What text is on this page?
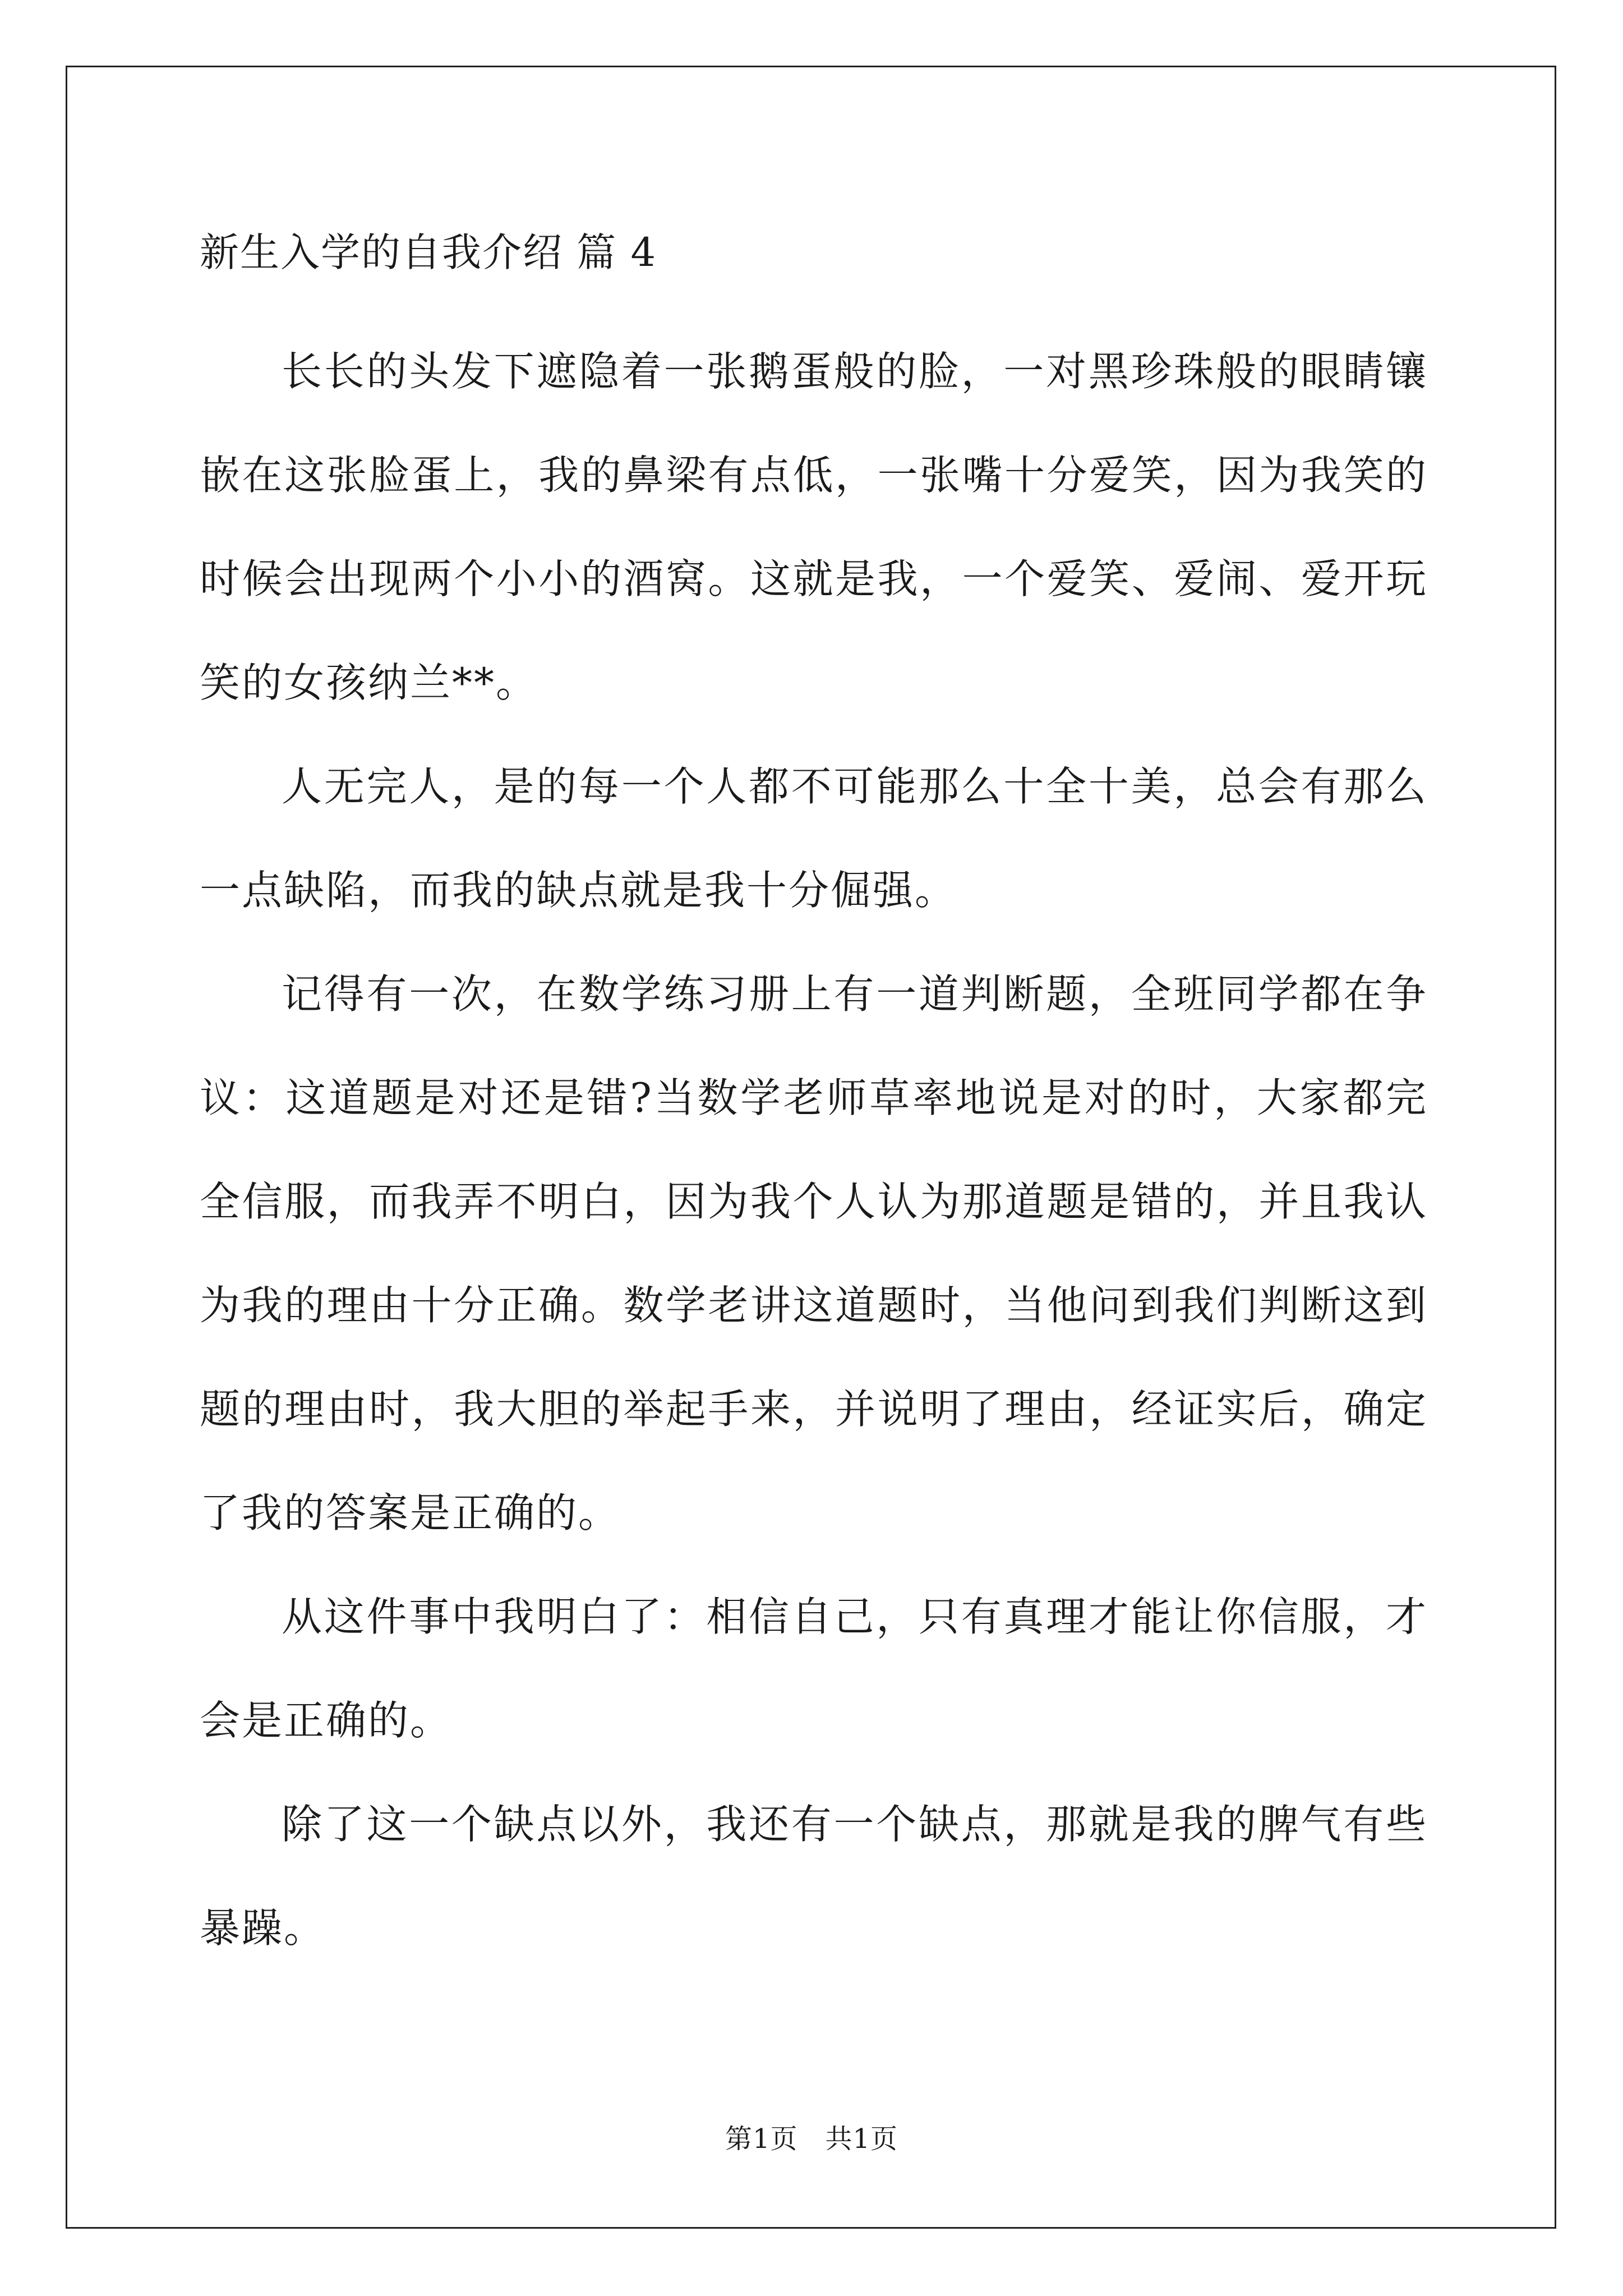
新生入学的自我介绍 篇 4

长长的头发下遮隐着一张鹅蛋般的脸，一对黑珍珠般的眼睛镶嵌在这张脸蛋上，我的鼻梁有点低，一张嘴十分爱笑，因为我笑的时候会出现两个小小的酒窝。这就是我，一个爱笑、爱闹、爱开玩笑的女孩纳兰**。

人无完人，是的每一个人都不可能那么十全十美，总会有那么一点缺陷，而我的缺点就是我十分倔强。

记得有一次，在数学练习册上有一道判断题，全班同学都在争议：这道题是对还是错?当数学老师草率地说是对的时，大家都完全信服，而我弄不明白，因为我个人认为那道题是错的，并且我认为我的理由十分正确。数学老讲这道题时，当他问到我们判断这到题的理由时，我大胆的举起手来，并说明了理由，经证实后，确定了我的答案是正确的。

从这件事中我明白了：相信自己，只有真理才能让你信服，才会是正确的。

除了这一个缺点以外，我还有一个缺点，那就是我的脾气有些暴躁。

第1页　共1页
